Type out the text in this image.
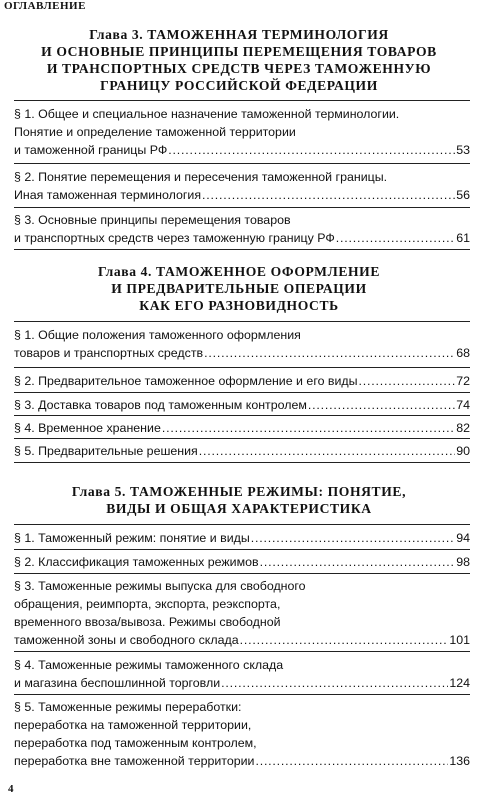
ОГЛАВЛЕНИЕ
Глава 3. ТАМОЖЕННАЯ ТЕРМИНОЛОГИЯ
И ОСНОВНЫЕ ПРИНЦИПЫ ПЕРЕМЕЩЕНИЯ ТОВАРОВ
И ТРАНСПОРТНЫХ СРЕДСТВ ЧЕРЕЗ ТАМОЖЕННУЮ
ГРАНИЦУ РОССИЙСКОЙ ФЕДЕРАЦИИ
§ 1. Общее и специальное назначение таможенной терминологии.
Понятие и определение таможенной территории
и таможенной границы РФ .....	53
§ 2. Понятие перемещения и пересечения таможенной границы.
Иная таможенная терминология .....	56
§ 3. Основные принципы перемещения товаров
и транспортных средств через таможенную границу РФ .....	61
Глава 4. ТАМОЖЕННОЕ ОФОРМЛЕНИЕ
И ПРЕДВАРИТЕЛЬНЫЕ ОПЕРАЦИИ
КАК ЕГО РАЗНОВИДНОСТЬ
§ 1. Общие положения таможенного оформления
товаров и транспортных средств .....	68
§ 2. Предварительное таможенное оформление и его виды .....	72
§ 3. Доставка товаров под таможенным контролем .....	74
§ 4. Временное хранение .....	82
§ 5. Предварительные решения .....	90
Глава 5. ТАМОЖЕННЫЕ РЕЖИМЫ: ПОНЯТИЕ,
ВИДЫ И ОБЩАЯ ХАРАКТЕРИСТИКА
§ 1. Таможенный режим: понятие и виды .....	94
§ 2. Классификация таможенных режимов .....	98
§ 3. Таможенные режимы выпуска для свободного
обращения, реимпорта, экспорта, реэкспорта,
временного ввоза/вывоза. Режимы свободной
таможенной зоны и свободного склада .....	101
§ 4. Таможенные режимы таможенного склада
и магазина беспошлинной торговли .....	124
§ 5. Таможенные режимы переработки:
переработка на таможенной территории,
переработка под таможенным контролем,
переработка вне таможенной территории .....	136
4
